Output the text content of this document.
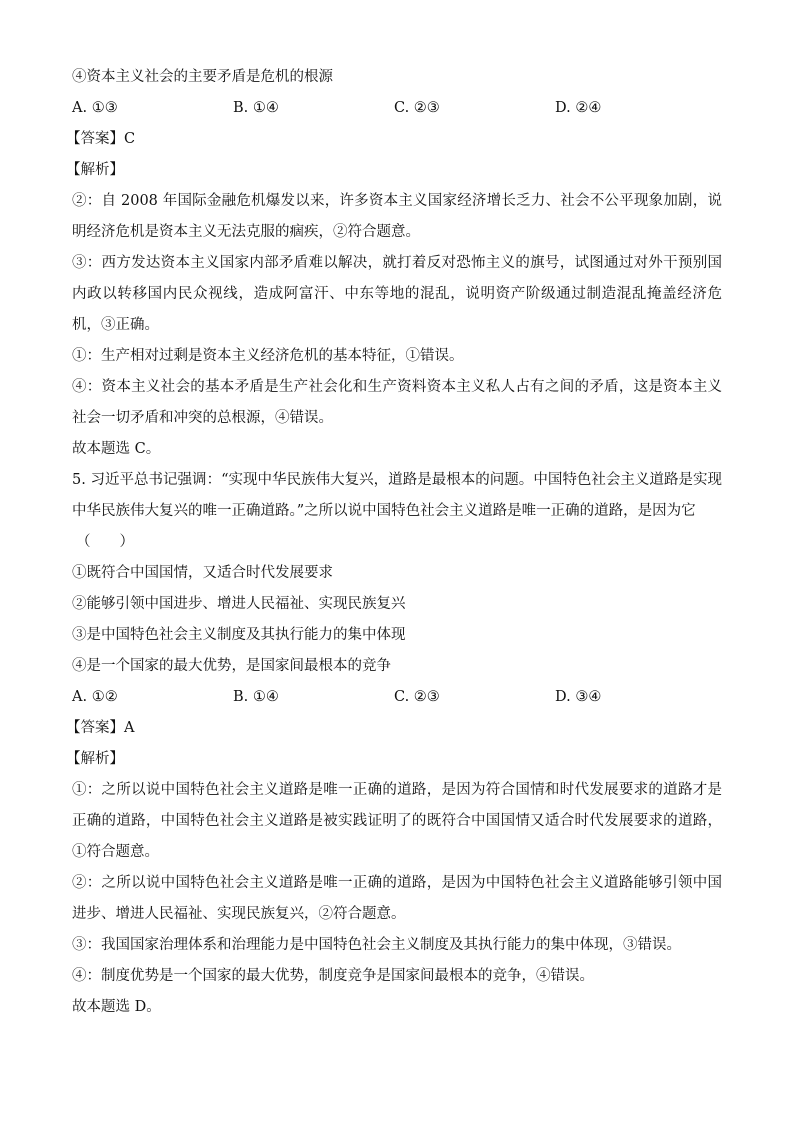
④资本主义社会的主要矛盾是危机的根源
A. ①③	B. ①④	C. ②③	D. ②④
【答案】C
【解析】
②：自 2008 年国际金融危机爆发以来，许多资本主义国家经济增长乏力、社会不公平现象加剧，说明经济危机是资本主义无法克服的痼疾，②符合题意。
③：西方发达资本主义国家内部矛盾难以解决，就打着反对恐怖主义的旗号，试图通过对外干预别国内政以转移国内民众视线，造成阿富汗、中东等地的混乱，说明资产阶级通过制造混乱掩盖经济危机，③正确。
①：生产相对过剩是资本主义经济危机的基本特征，①错误。
④：资本主义社会的基本矛盾是生产社会化和生产资料资本主义私人占有之间的矛盾，这是资本主义社会一切矛盾和冲突的总根源，④错误。
故本题选 C。
5. 习近平总书记强调：“实现中华民族伟大复兴，道路是最根本的问题。中国特色社会主义道路是实现中华民族伟大复兴的唯一正确道路。”之所以说中国特色社会主义道路是唯一正确的道路，是因为它
（　　）
①既符合中国国情，又适合时代发展要求
②能够引领中国进步、增进人民福祉、实现民族复兴
③是中国特色社会主义制度及其执行能力的集中体现
④是一个国家的最大优势，是国家间最根本的竞争
A. ①②	B. ①④	C. ②③	D. ③④
【答案】A
【解析】
①：之所以说中国特色社会主义道路是唯一正确的道路，是因为符合国情和时代发展要求的道路才是正确的道路，中国特色社会主义道路是被实践证明了的既符合中国国情又适合时代发展要求的道路，①符合题意。
②：之所以说中国特色社会主义道路是唯一正确的道路，是因为中国特色社会主义道路能够引领中国进步、增进人民福祉、实现民族复兴，②符合题意。
③：我国国家治理体系和治理能力是中国特色社会主义制度及其执行能力的集中体现，③错误。
④：制度优势是一个国家的最大优势，制度竞争是国家间最根本的竞争，④错误。
故本题选 D。
